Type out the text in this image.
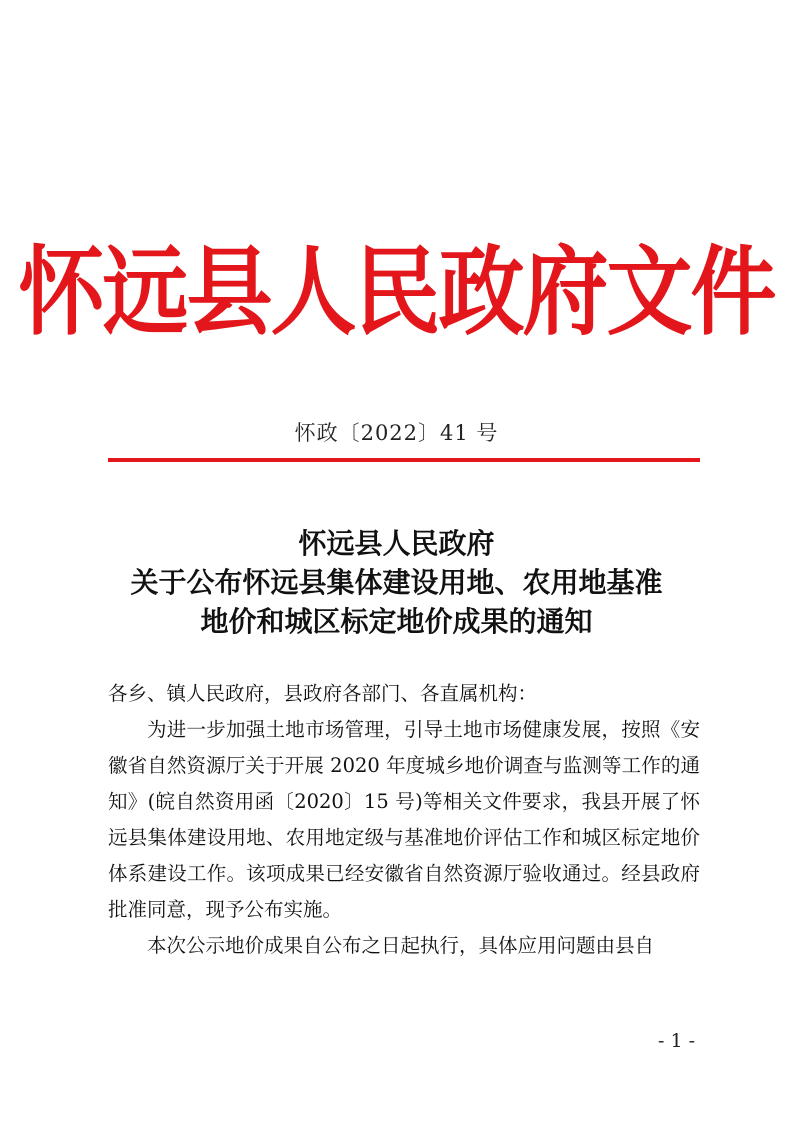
怀远县人民政府文件
怀政〔2022〕41 号
怀远县人民政府
关于公布怀远县集体建设用地、农用地基准
地价和城区标定地价成果的通知

各乡、镇人民政府，县政府各部门、各直属机构：

为进一步加强土地市场管理，引导土地市场健康发展，按照《安徽省自然资源厅关于开展 2020 年度城乡地价调查与监测等工作的通知》(皖自然资用函〔2020〕15 号)等相关文件要求，我县开展了怀远县集体建设用地、农用地定级与基准地价评估工作和城区标定地价体系建设工作。该项成果已经安徽省自然资源厅验收通过。经县政府批准同意，现予公布实施。

本次公示地价成果自公布之日起执行，具体应用问题由县自

- 1 -
